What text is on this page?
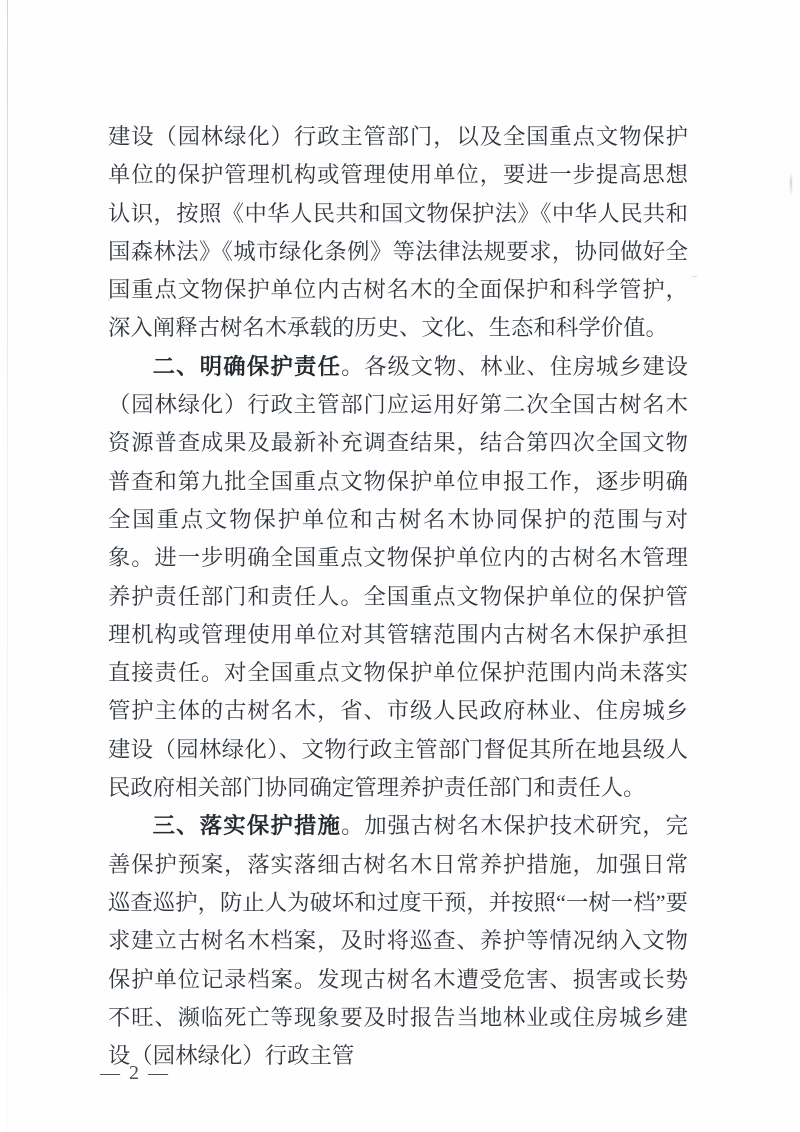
建设（园林绿化）行政主管部门，以及全国重点文物保护单位的保护管理机构或管理使用单位，要进一步提高思想认识，按照《中华人民共和国文物保护法》《中华人民共和国森林法》《城市绿化条例》等法律法规要求，协同做好全国重点文物保护单位内古树名木的全面保护和科学管护，深入阐释古树名木承载的历史、文化、生态和科学价值。

二、明确保护责任。各级文物、林业、住房城乡建设（园林绿化）行政主管部门应运用好第二次全国古树名木资源普查成果及最新补充调查结果，结合第四次全国文物普查和第九批全国重点文物保护单位申报工作，逐步明确全国重点文物保护单位和古树名木协同保护的范围与对象。进一步明确全国重点文物保护单位内的古树名木管理养护责任部门和责任人。全国重点文物保护单位的保护管理机构或管理使用单位对其管辖范围内古树名木保护承担直接责任。对全国重点文物保护单位保护范围内尚未落实管护主体的古树名木，省、市级人民政府林业、住房城乡建设（园林绿化）、文物行政主管部门督促其所在地县级人民政府相关部门协同确定管理养护责任部门和责任人。

三、落实保护措施。加强古树名木保护技术研究，完善保护预案，落实落细古树名木日常养护措施，加强日常巡查巡护，防止人为破坏和过度干预，并按照“一树一档”要求建立古树名木档案，及时将巡查、养护等情况纳入文物保护单位记录档案。发现古树名木遭受危害、损害或长势不旺、濒临死亡等现象要及时报告当地林业或住房城乡建设（园林绿化）行政主管

— 2 —
